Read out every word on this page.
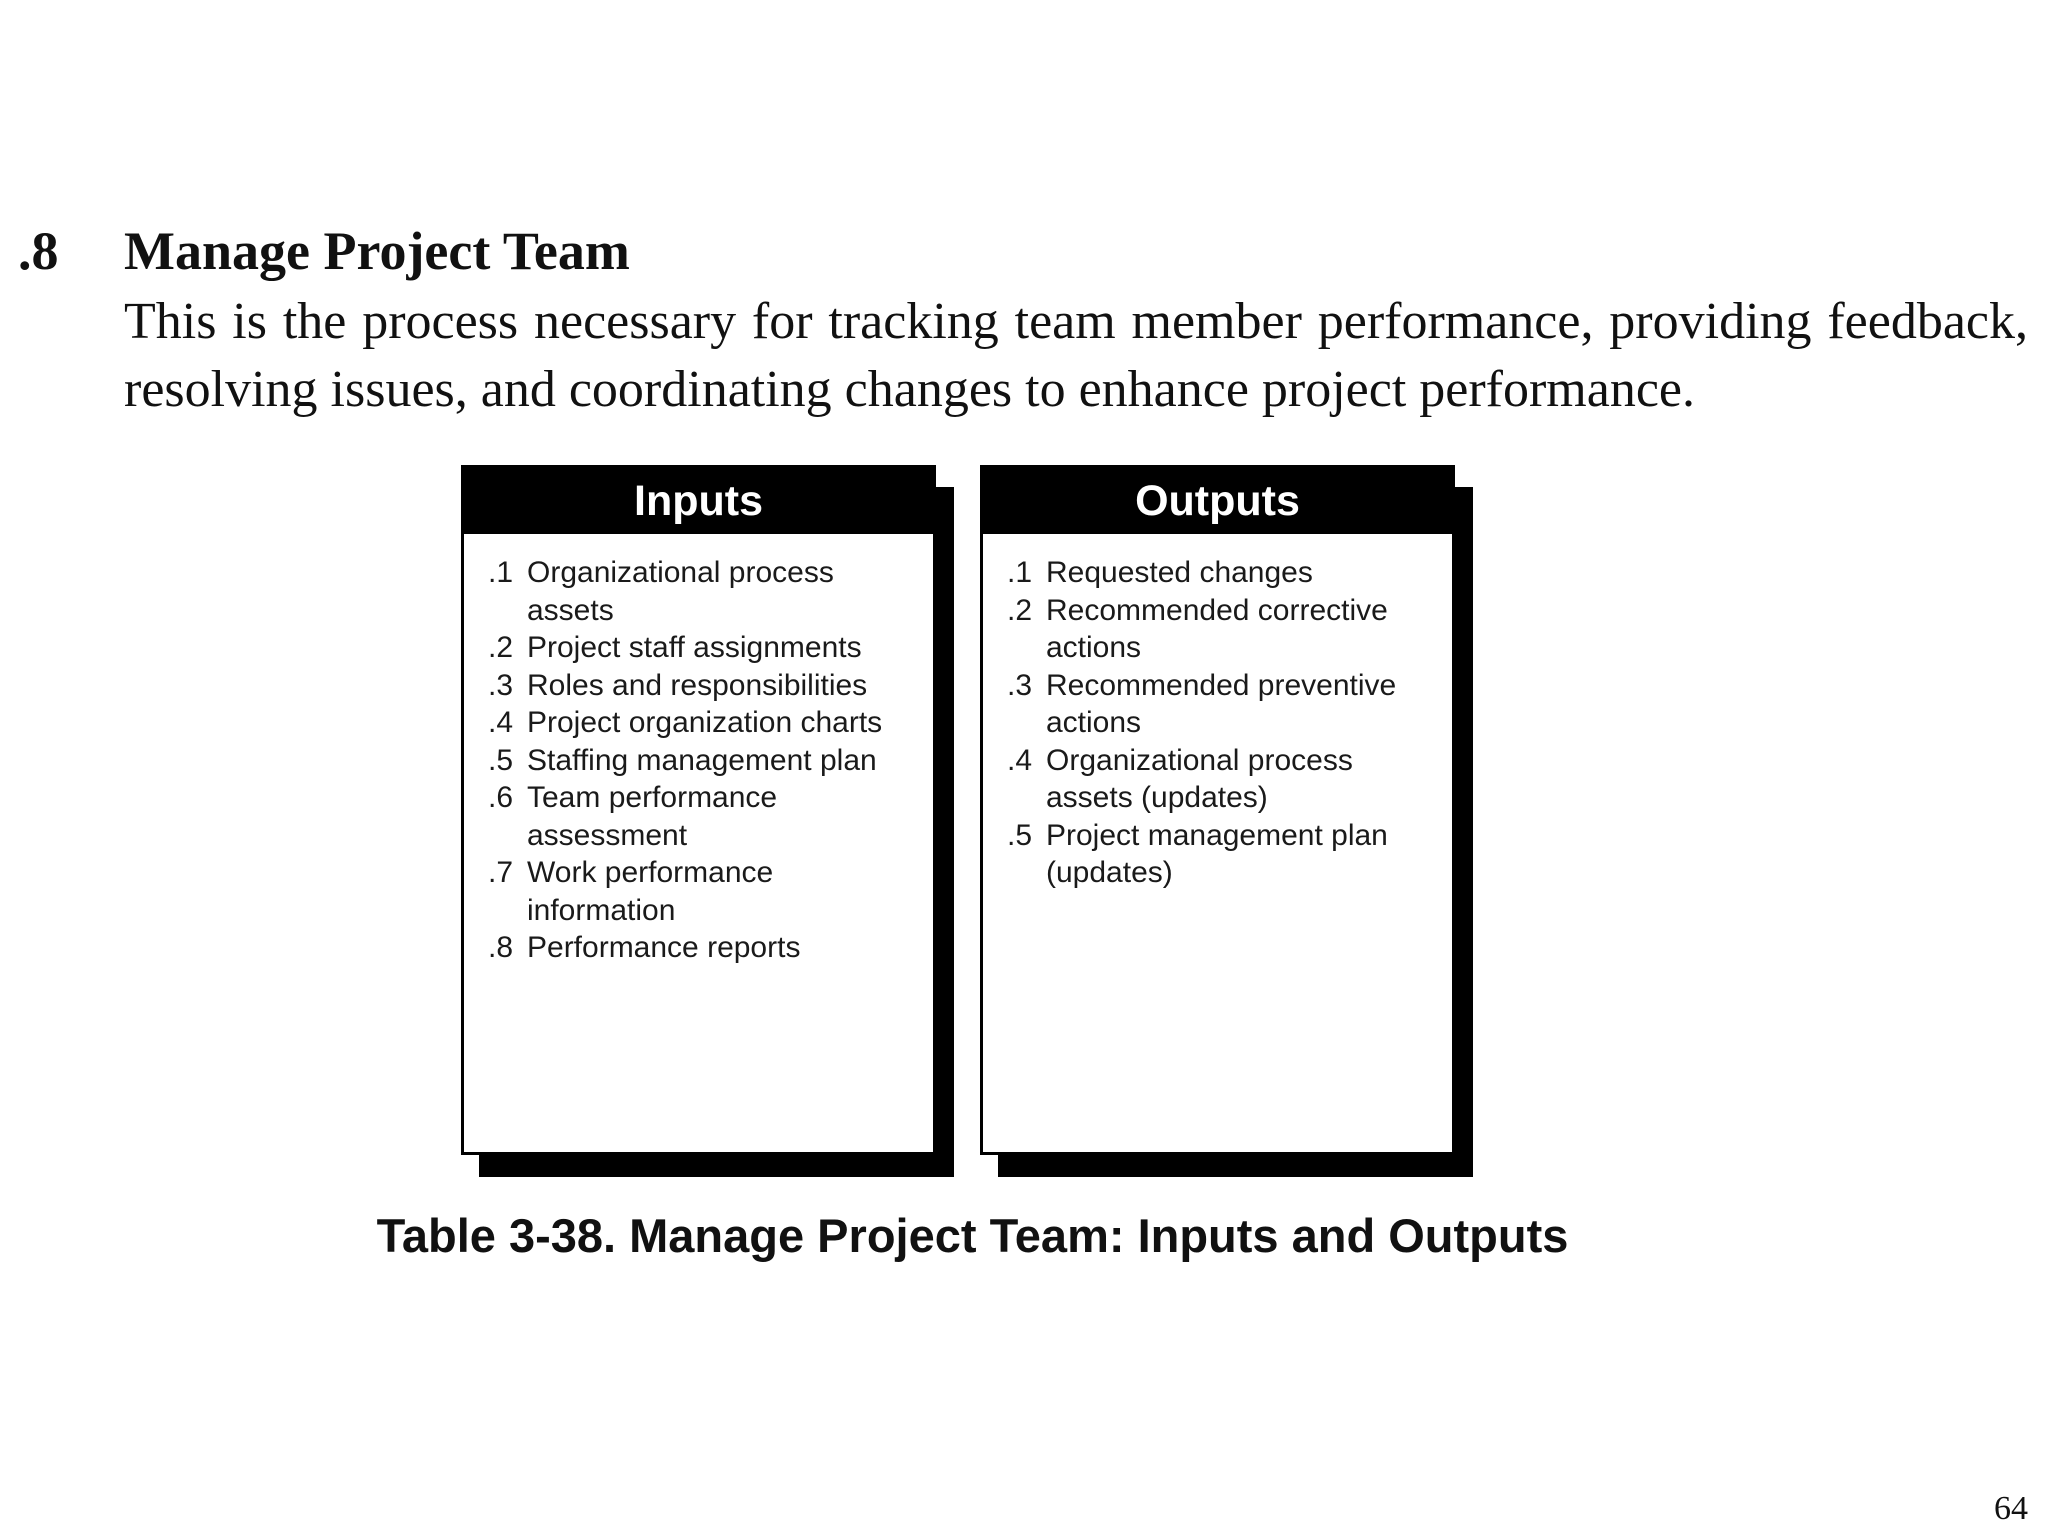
.8 Manage Project Team
This is the process necessary for tracking team member performance, providing feedback, resolving issues, and coordinating changes to enhance project performance.
Inputs
.1 Organizational process assets
.2 Project staff assignments
.3 Roles and responsibilities
.4 Project organization charts
.5 Staffing management plan
.6 Team performance assessment
.7 Work performance information
.8 Performance reports
Outputs
.1 Requested changes
.2 Recommended corrective actions
.3 Recommended preventive actions
.4 Organizational process assets (updates)
.5 Project management plan (updates)
Table 3-38. Manage Project Team: Inputs and Outputs
64
